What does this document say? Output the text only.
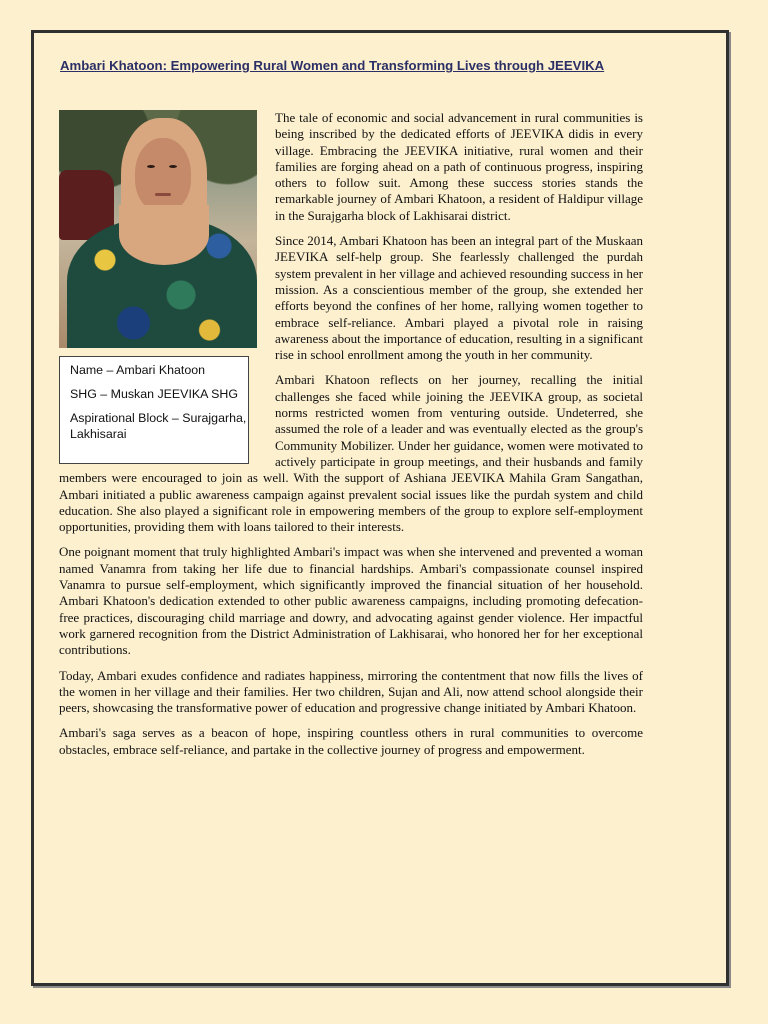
Ambari Khatoon: Empowering Rural Women and Transforming Lives through JEEVIKA
Name – Ambari Khatoon
SHG – Muskan JEEVIKA SHG
Aspirational Block – Surajgarha, Lakhisarai

The tale of economic and social advancement in rural communities is being inscribed by the dedicated efforts of JEEVIKA didis in every village. Embracing the JEEVIKA initiative, rural women and their families are forging ahead on a path of continuous progress, inspiring others to follow suit. Among these success stories stands the remarkable journey of Ambari Khatoon, a resident of Haldipur village in the Surajgarha block of Lakhisarai district.

Since 2014, Ambari Khatoon has been an integral part of the Muskaan JEEVIKA self-help group. She fearlessly challenged the purdah system prevalent in her village and achieved resounding success in her mission. As a conscientious member of the group, she extended her efforts beyond the confines of her home, rallying women together to embrace self-reliance. Ambari played a pivotal role in raising awareness about the importance of education, resulting in a significant rise in school enrollment among the youth in her community.

Ambari Khatoon reflects on her journey, recalling the initial challenges she faced while joining the JEEVIKA group, as societal norms restricted women from venturing outside. Undeterred, she assumed the role of a leader and was eventually elected as the group's Community Mobilizer. Under her guidance, women were motivated to actively participate in group meetings, and their husbands and family members were encouraged to join as well. With the support of Ashiana JEEVIKA Mahila Gram Sangathan, Ambari initiated a public awareness campaign against prevalent social issues like the purdah system and child education. She also played a significant role in empowering members of the group to explore self-employment opportunities, providing them with loans tailored to their interests.

One poignant moment that truly highlighted Ambari's impact was when she intervened and prevented a woman named Vanamra from taking her life due to financial hardships. Ambari's compassionate counsel inspired Vanamra to pursue self-employment, which significantly improved the financial situation of her household. Ambari Khatoon's dedication extended to other public awareness campaigns, including promoting defecation-free practices, discouraging child marriage and dowry, and advocating against gender violence. Her impactful work garnered recognition from the District Administration of Lakhisarai, who honored her for her exceptional contributions.

Today, Ambari exudes confidence and radiates happiness, mirroring the contentment that now fills the lives of the women in her village and their families. Her two children, Sujan and Ali, now attend school alongside their peers, showcasing the transformative power of education and progressive change initiated by Ambari Khatoon.

Ambari's saga serves as a beacon of hope, inspiring countless others in rural communities to overcome obstacles, embrace self-reliance, and partake in the collective journey of progress and empowerment.
